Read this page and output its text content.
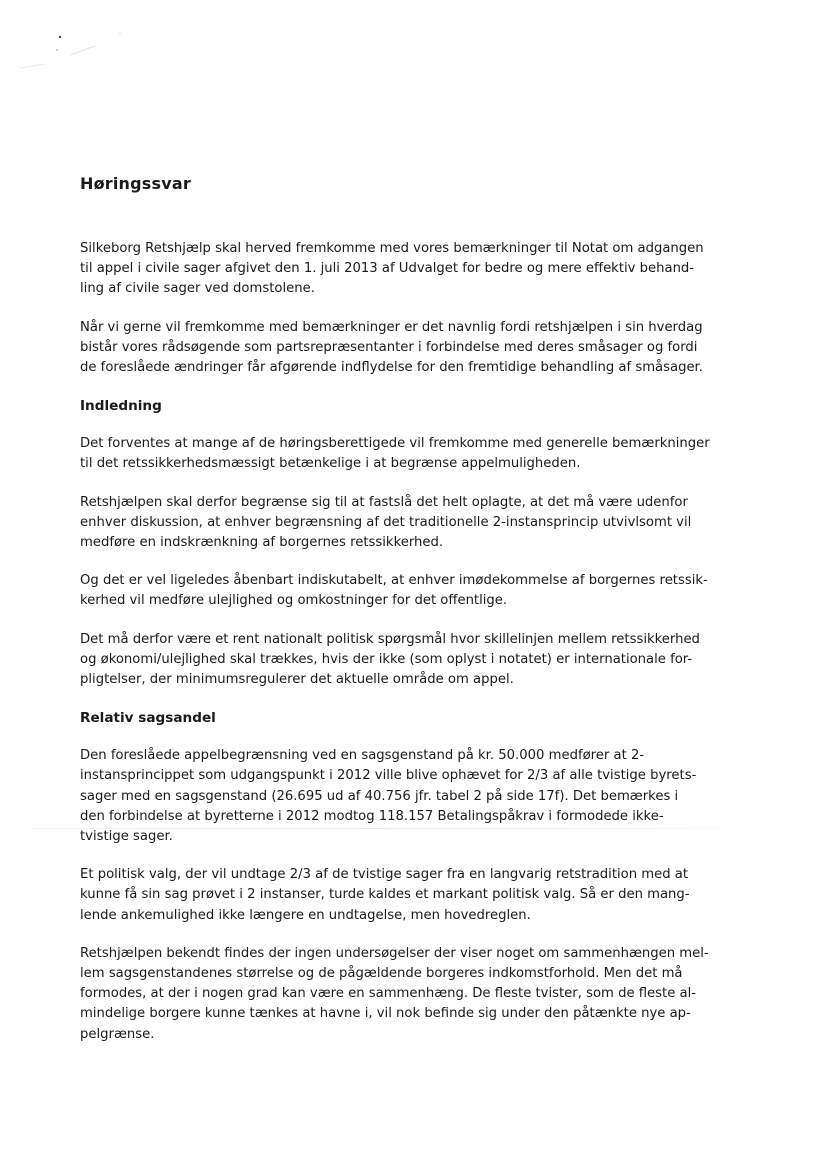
Høringssvar

Silkeborg Retshjælp skal herved fremkomme med vores bemærkninger til Notat om adgangen
til appel i civile sager afgivet den 1. juli 2013 af Udvalget for bedre og mere effektiv behand-
ling af civile sager ved domstolene.

Når vi gerne vil fremkomme med bemærkninger er det navnlig fordi retshjælpen i sin hverdag
bistår vores rådsøgende som partsrepræsentanter i forbindelse med deres småsager og fordi
de foreslåede ændringer får afgørende indflydelse for den fremtidige behandling af småsager.

Indledning

Det forventes at mange af de høringsberettigede vil fremkomme med generelle bemærkninger
til det retssikkerhedsmæssigt betænkelige i at begrænse appelmuligheden.

Retshjælpen skal derfor begrænse sig til at fastslå det helt oplagte, at det må være udenfor
enhver diskussion, at enhver begrænsning af det traditionelle 2-instansprincip utvivlsomt vil
medføre en indskrænkning af borgernes retssikkerhed.

Og det er vel ligeledes åbenbart indiskutabelt, at enhver imødekommelse af borgernes retssik-
kerhed vil medføre ulejlighed og omkostninger for det offentlige.

Det må derfor være et rent nationalt politisk spørgsmål hvor skillelinjen mellem retssikkerhed
og økonomi/ulejlighed skal trækkes, hvis der ikke (som oplyst i notatet) er internationale for-
pligtelser, der minimumsregulerer det aktuelle område om appel.

Relativ sagsandel

Den foreslåede appelbegrænsning ved en sagsgenstand på kr. 50.000 medfører at 2-
instansprincippet som udgangspunkt i 2012 ville blive ophævet for 2/3 af alle tvistige byrets-
sager med en sagsgenstand (26.695 ud af 40.756 jfr. tabel 2 på side 17f). Det bemærkes i
den forbindelse at byretterne i 2012 modtog 118.157 Betalingspåkrav i formodede ikke-
tvistige sager.

Et politisk valg, der vil undtage 2/3 af de tvistige sager fra en langvarig retstradition med at
kunne få sin sag prøvet i 2 instanser, turde kaldes et markant politisk valg. Så er den mang-
lende ankemulighed ikke længere en undtagelse, men hovedreglen.

Retshjælpen bekendt findes der ingen undersøgelser der viser noget om sammenhængen mel-
lem sagsgenstandenes størrelse og de pågældende borgeres indkomstforhold. Men det må
formodes, at der i nogen grad kan være en sammenhæng. De fleste tvister, som de fleste al-
mindelige borgere kunne tænkes at havne i, vil nok befinde sig under den påtænkte nye ap-
pelgrænse.
